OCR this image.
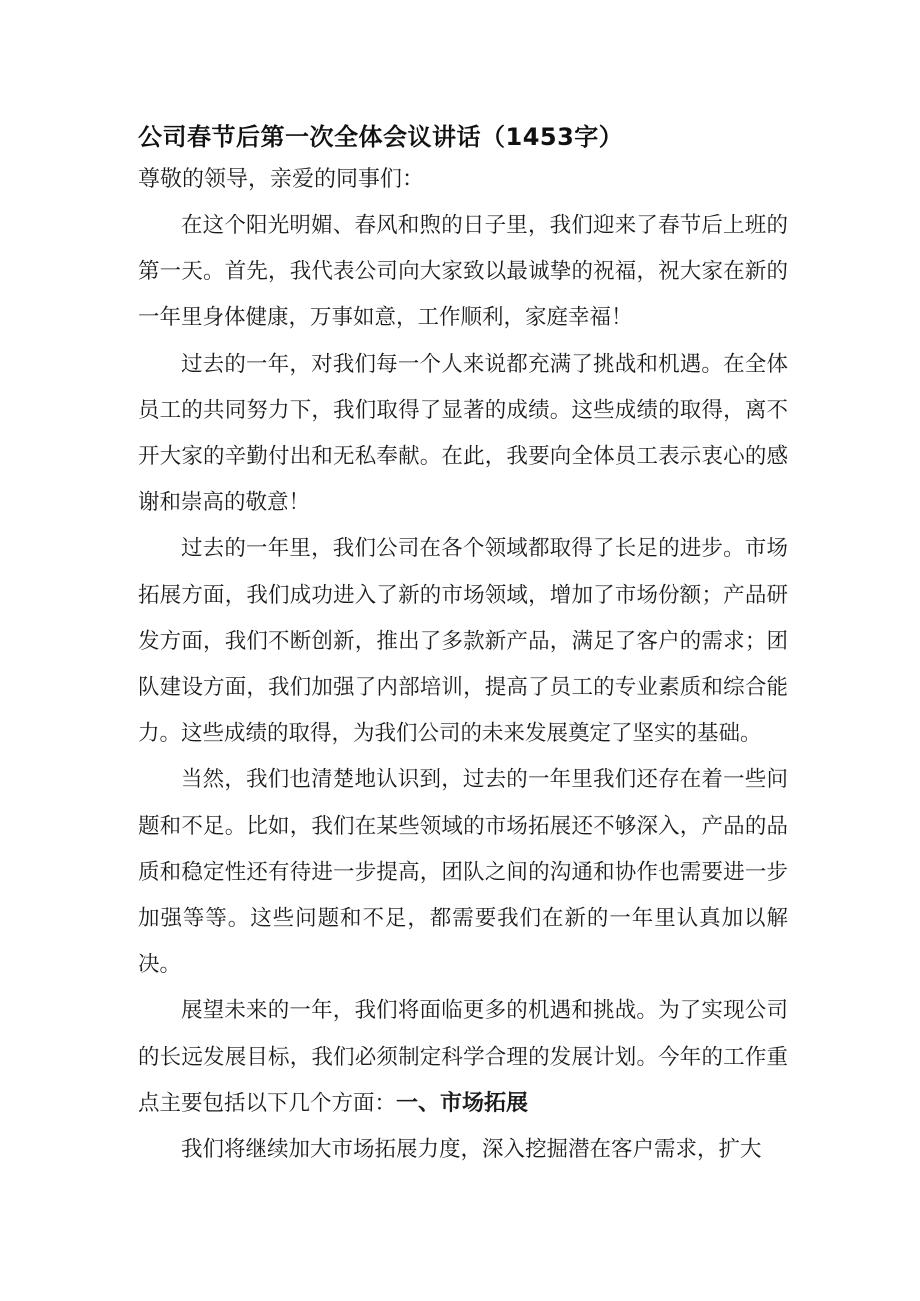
公司春节后第一次全体会议讲话（1453字）
尊敬的领导，亲爱的同事们：

在这个阳光明媚、春风和煦的日子里，我们迎来了春节后上班的第一天。首先，我代表公司向大家致以最诚挚的祝福，祝大家在新的一年里身体健康，万事如意，工作顺利，家庭幸福！

过去的一年，对我们每一个人来说都充满了挑战和机遇。在全体员工的共同努力下，我们取得了显著的成绩。这些成绩的取得，离不开大家的辛勤付出和无私奉献。在此，我要向全体员工表示衷心的感谢和崇高的敬意！

过去的一年里，我们公司在各个领域都取得了长足的进步。市场拓展方面，我们成功进入了新的市场领域，增加了市场份额；产品研发方面，我们不断创新，推出了多款新产品，满足了客户的需求；团队建设方面，我们加强了内部培训，提高了员工的专业素质和综合能力。这些成绩的取得，为我们公司的未来发展奠定了坚实的基础。

当然，我们也清楚地认识到，过去的一年里我们还存在着一些问题和不足。比如，我们在某些领域的市场拓展还不够深入，产品的品质和稳定性还有待进一步提高，团队之间的沟通和协作也需要进一步加强等等。这些问题和不足，都需要我们在新的一年里认真加以解决。

展望未来的一年，我们将面临更多的机遇和挑战。为了实现公司的长远发展目标，我们必须制定科学合理的发展计划。今年的工作重点主要包括以下几个方面：一、市场拓展

我们将继续加大市场拓展力度，深入挖掘潜在客户需求，扩大
